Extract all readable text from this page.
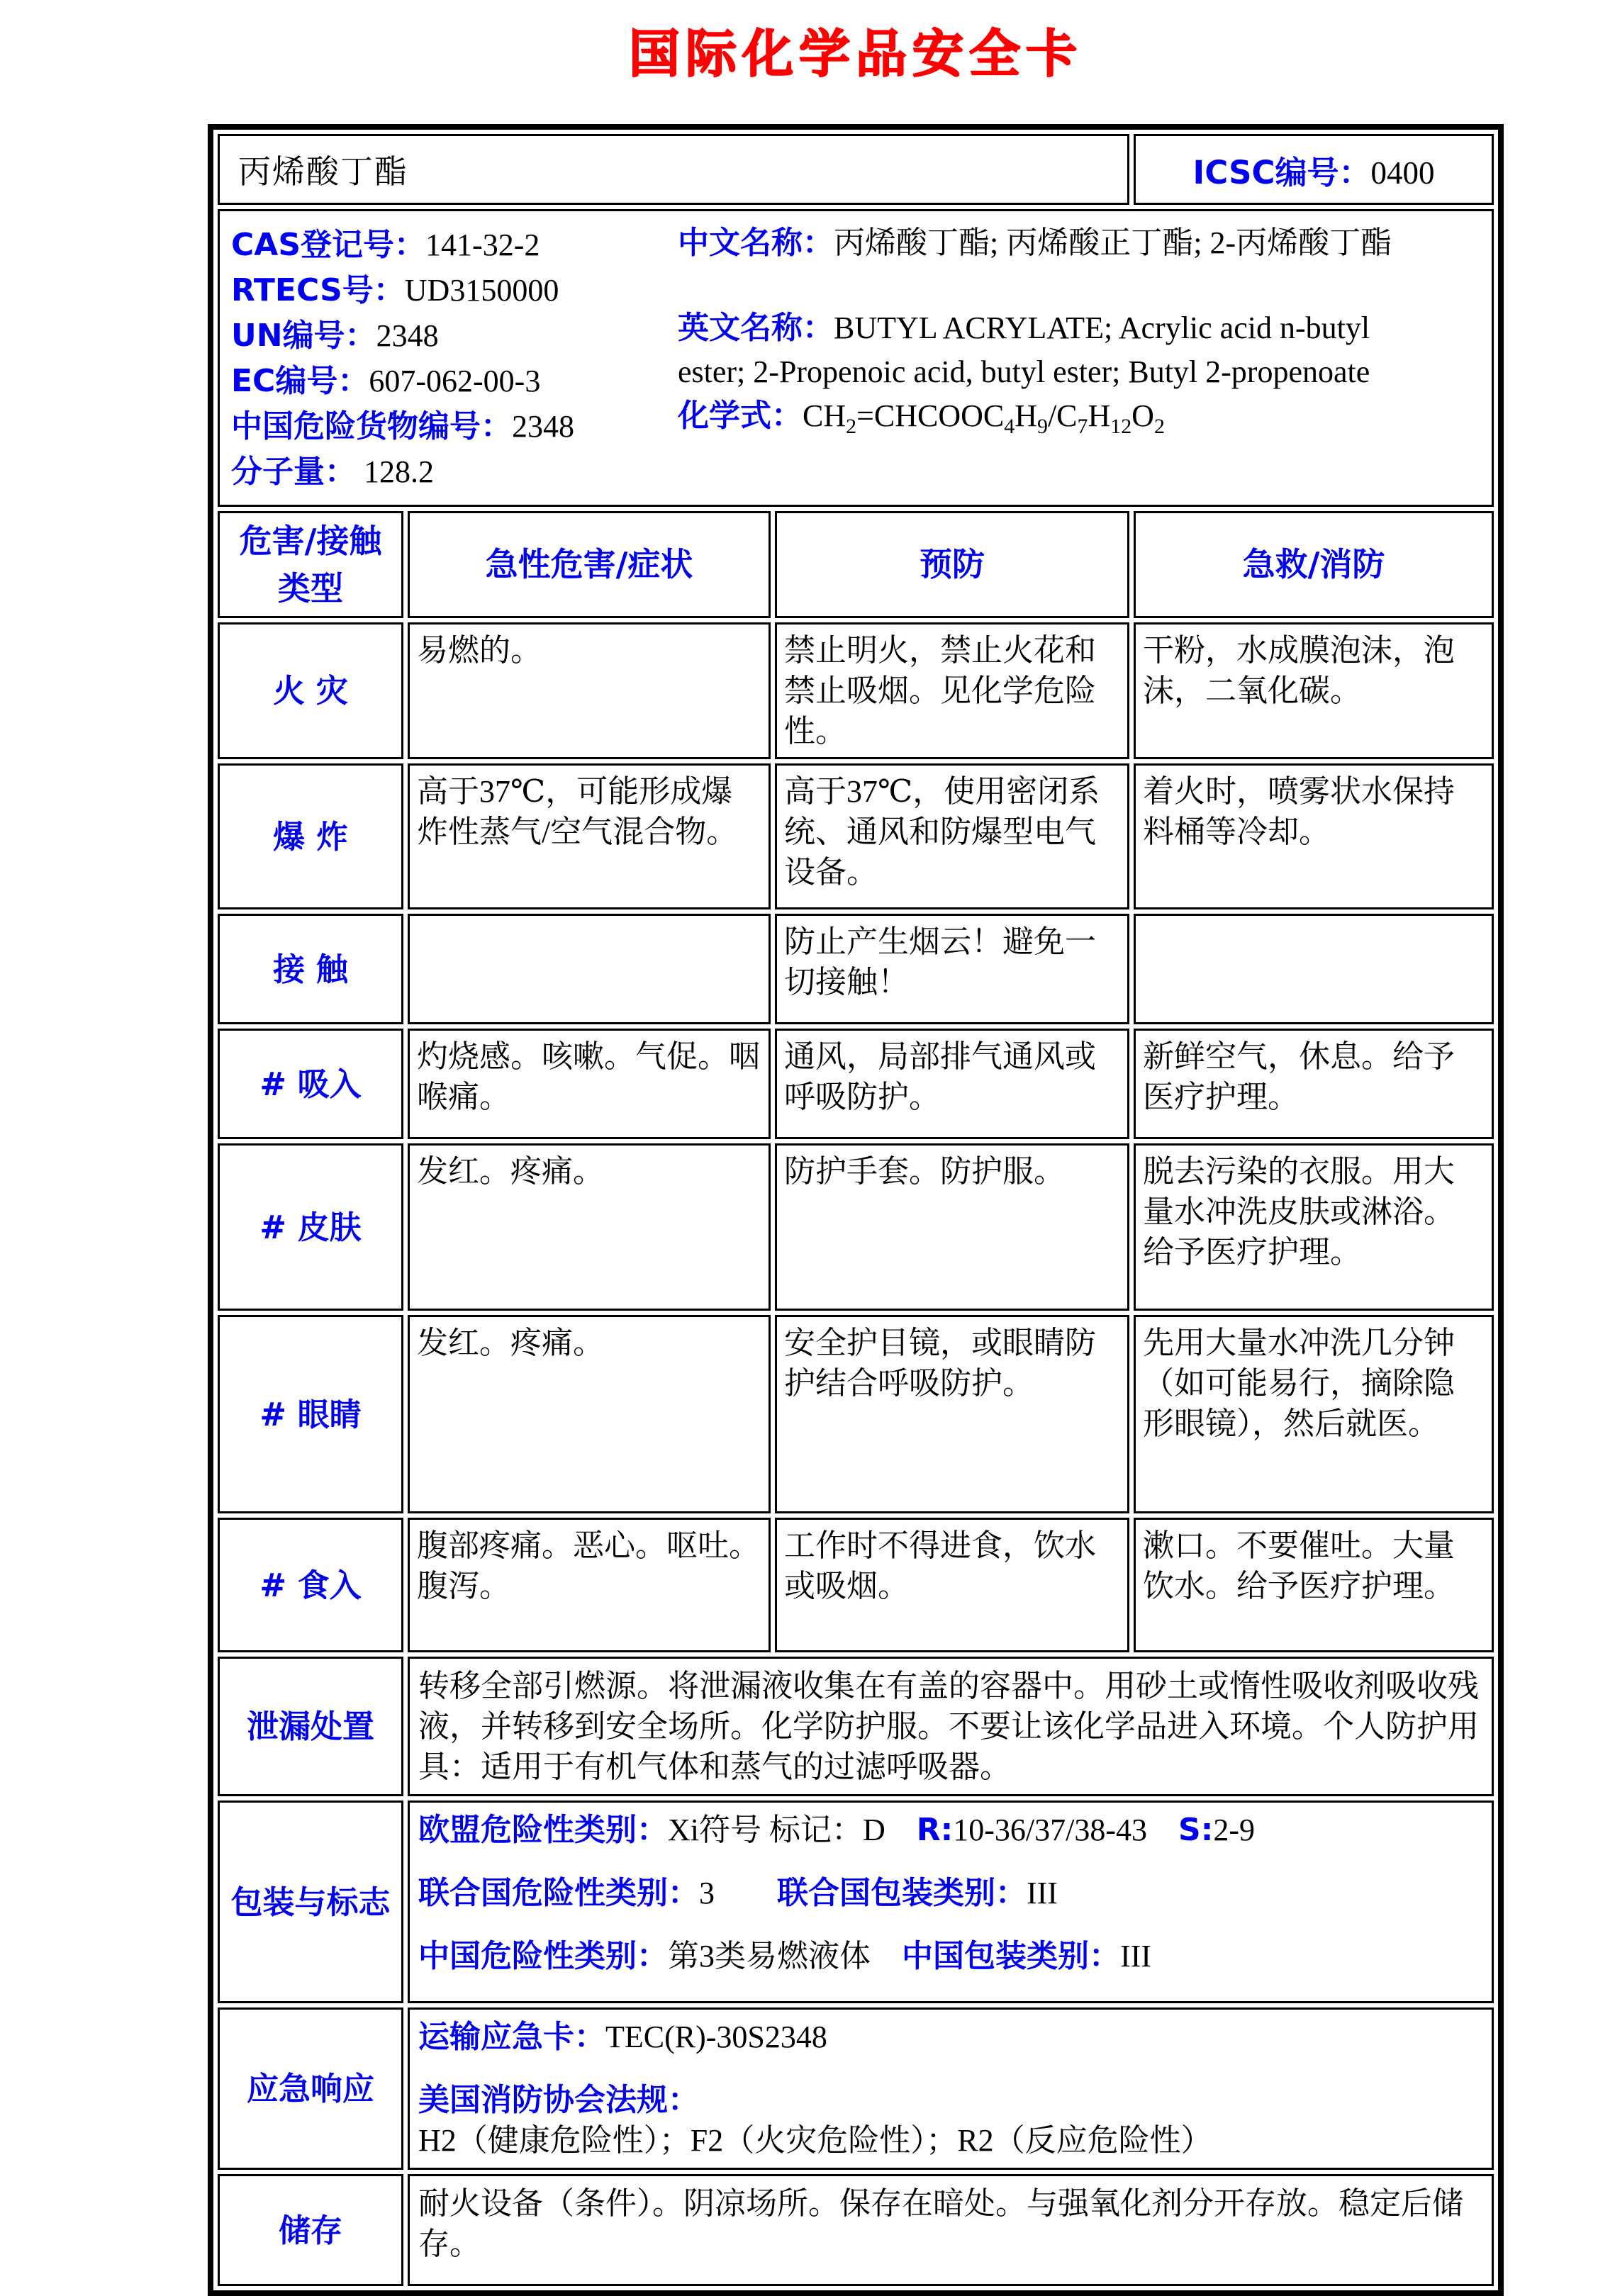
国际化学品安全卡
丙烯酸丁酯			ICSC编号：0400

CAS登记号：141-32-2
RTECS号：UD3150000
UN编号：2348
EC编号：607-062-00-3
中国危险货物编号：2348
分子量： 128.2

中文名称：丙烯酸丁酯; 丙烯酸正丁酯; 2-丙烯酸丁酯

英文名称：BUTYL ACRYLATE; Acrylic acid n-butyl ester; 2-Propenoic acid, butyl ester; Butyl 2-propenoate

化学式：$CH_2=CHCOOC_4H_9/C_7H_{12}O_2$

危害/接触类型	急性危害/症状	预防	急救/消防
火 灾	易燃的。	禁止明火，禁止火花和禁止吸烟。见化学危险性。	干粉，水成膜泡沫，泡沫，二氧化碳。
爆 炸	高于37℃，可能形成爆炸性蒸气/空气混合物。	高于37℃，使用密闭系统、通风和防爆型电气设备。	着火时，喷雾状水保持料桶等冷却。
接 触		防止产生烟云！避免一切接触！	
# 吸入	灼烧感。咳嗽。气促。咽喉痛。	通风，局部排气通风或呼吸防护。	新鲜空气，休息。给予医疗护理。
# 皮肤	发红。疼痛。	防护手套。防护服。	脱去污染的衣服。用大量水冲洗皮肤或淋浴。给予医疗护理。
# 眼睛	发红。疼痛。	安全护目镜，或眼睛防护结合呼吸防护。	先用大量水冲洗几分钟（如可能易行，摘除隐形眼镜），然后就医。
# 食入	腹部疼痛。恶心。呕吐。腹泻。	工作时不得进食，饮水或吸烟。	漱口。不要催吐。大量饮水。给予医疗护理。
泄漏处置	转移全部引燃源。将泄漏液收集在有盖的容器中。用砂土或惰性吸收剂吸收残液，并转移到安全场所。化学防护服。不要让该化学品进入环境。个人防护用具：适用于有机气体和蒸气的过滤呼吸器。		

包装与标志	欧盟危险性类别：Xi符号 标记：D    R:10-36/37/38-43    S:2-9
联合国危险性类别：3        联合国包装类别：III
中国危险性类别：第3类易燃液体    中国包装类别：III		

应急响应	运输应急卡：TEC(R)-30S2348
美国消防协会法规：H2（健康危险性）；F2（火灾危险性）；R2（反应危险性）		

储存	耐火设备（条件）。阴凉场所。保存在暗处。与强氧化剂分开存放。稳定后储存。		
